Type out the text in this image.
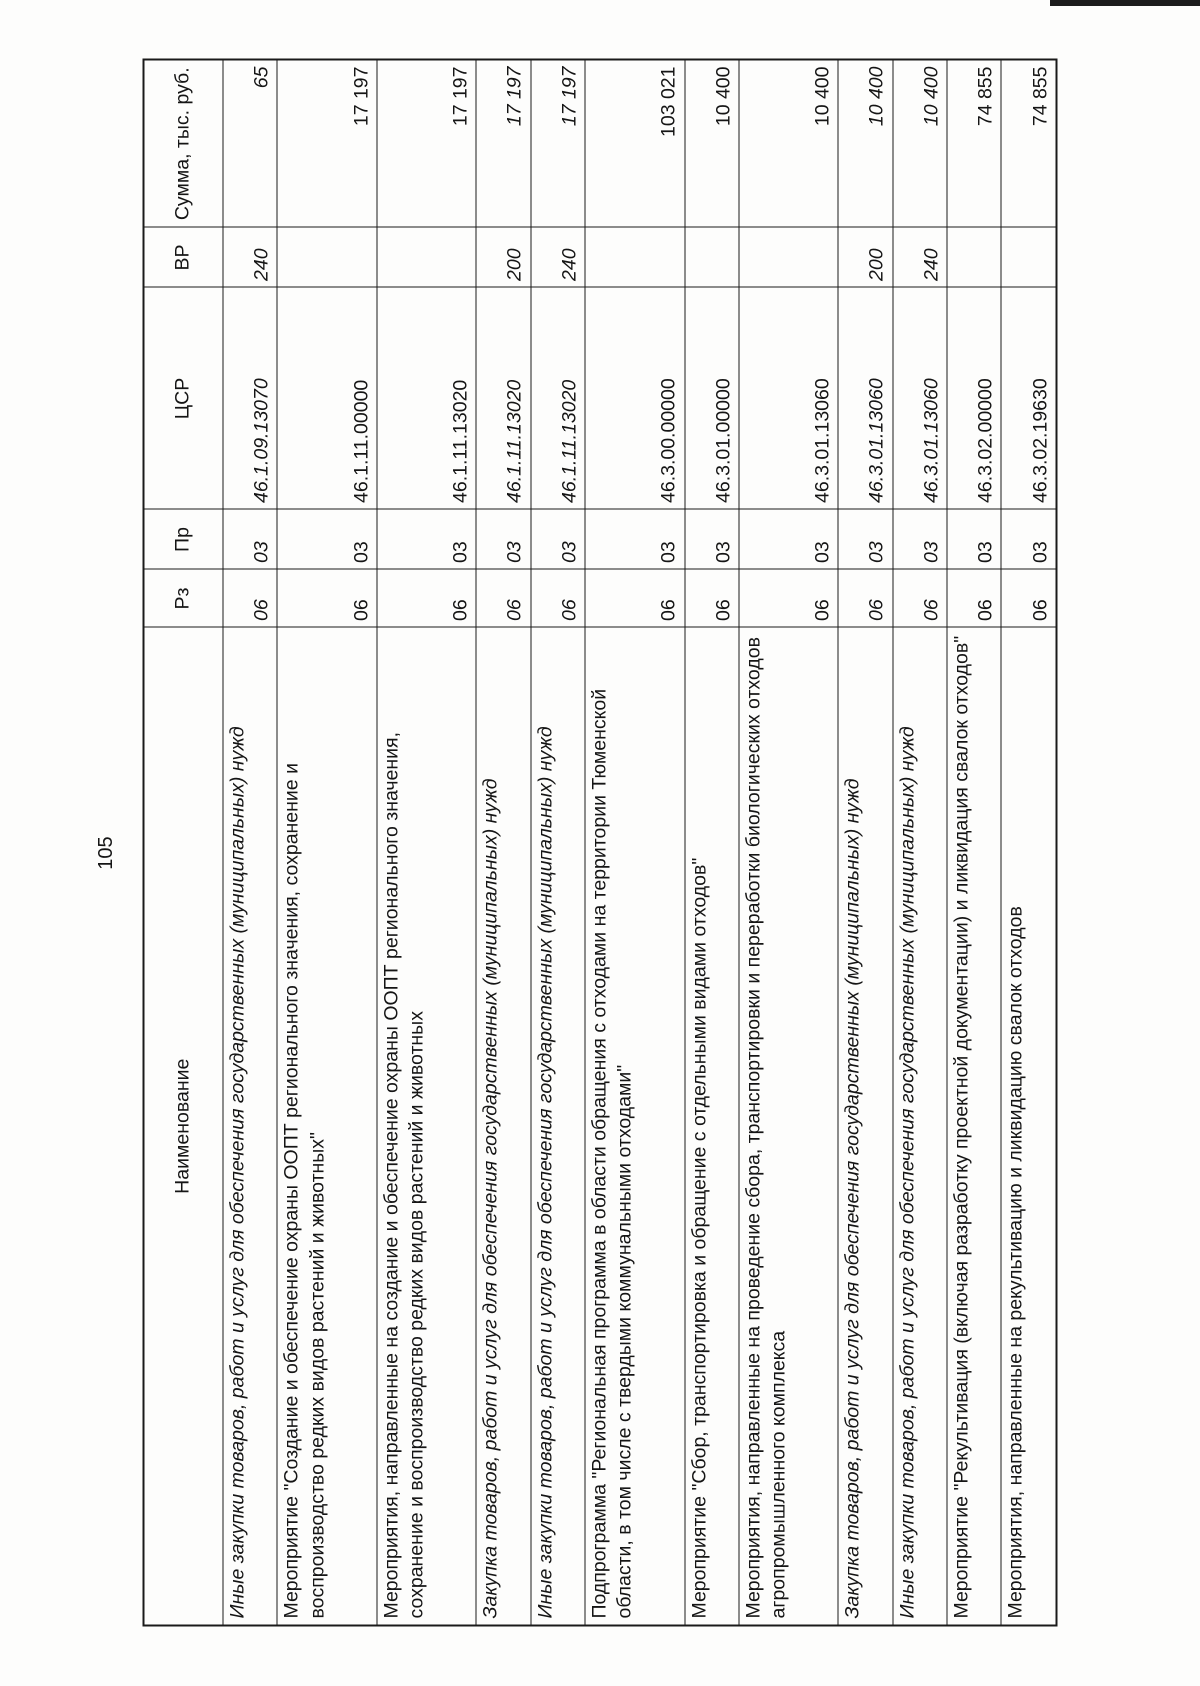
105
Наименование	Рз	Пр	ЦСР	ВР	Сумма, тыс. руб.
Иные закупки товаров, работ и услуг для обеспечения государственных (муниципальных) нужд	06	03	46.1.09.13070	240	65
Мероприятие "Создание и обеспечение охраны ООПТ регионального значения, сохранение и воспроизводство редких видов растений и животных"	06	03	46.1.11.00000		17 197
Мероприятия, направленные на создание и обеспечение охраны ООПТ регионального значения, сохранение и воспроизводство редких видов растений и животных	06	03	46.1.11.13020		17 197
Закупка товаров, работ и услуг для обеспечения государственных (муниципальных) нужд	06	03	46.1.11.13020	200	17 197
Иные закупки товаров, работ и услуг для обеспечения государственных (муниципальных) нужд	06	03	46.1.11.13020	240	17 197
Подпрограмма "Региональная программа в области обращения с отходами на территории Тюменской области, в том числе с твердыми коммунальными отходами"	06	03	46.3.00.00000		103 021
Мероприятие "Сбор, транспортировка и обращение с отдельными видами отходов"	06	03	46.3.01.00000		10 400
Мероприятия, направленные на проведение сбора, транспортировки и переработки биологических отходов агропромышленного комплекса	06	03	46.3.01.13060		10 400
Закупка товаров, работ и услуг для обеспечения государственных (муниципальных) нужд	06	03	46.3.01.13060	200	10 400
Иные закупки товаров, работ и услуг для обеспечения государственных (муниципальных) нужд	06	03	46.3.01.13060	240	10 400
Мероприятие "Рекультивация (включая разработку проектной документации) и ликвидация свалок отходов"	06	03	46.3.02.00000		74 855
Мероприятия, направленные на рекультивацию и ликвидацию свалок отходов	06	03	46.3.02.19630		74 855
